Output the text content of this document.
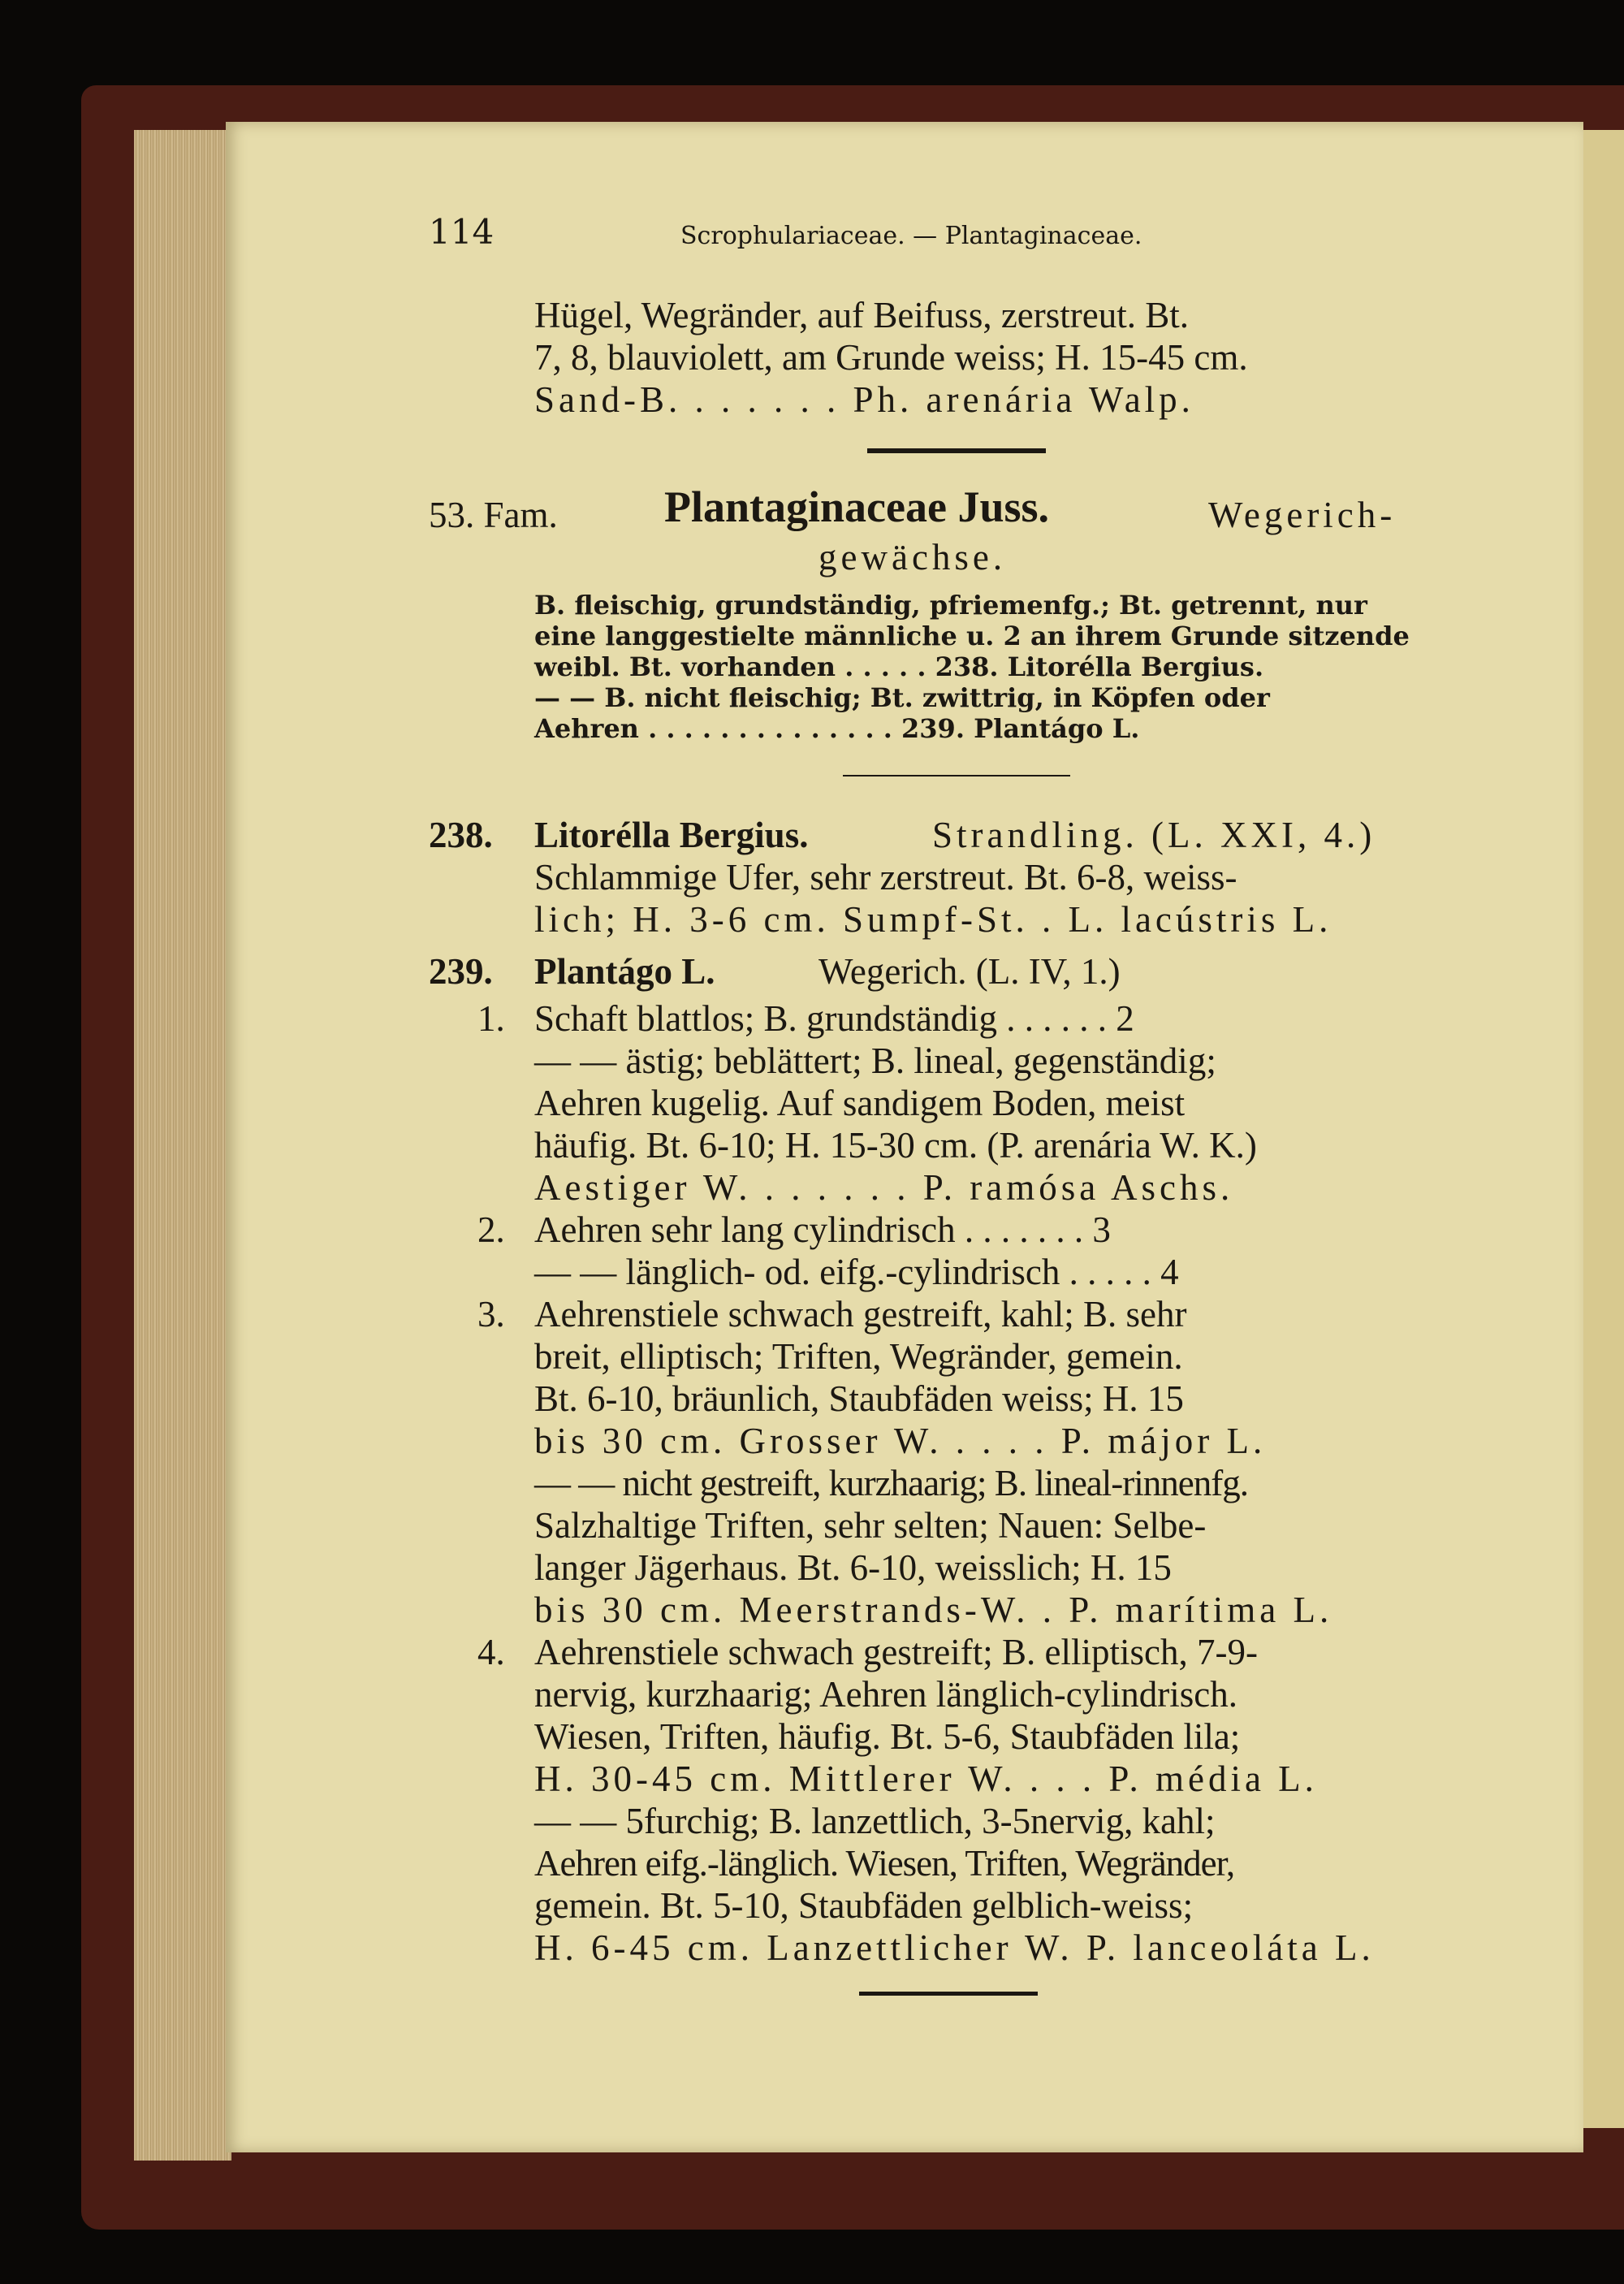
114	Scrophulariaceae. — Plantaginaceae.
Hügel, Wegränder, auf Beifuss, zerstreut. Bt.
7, 8, blauviolett, am Grunde weiss; H. 15-45 cm.
Sand-B. . . . . . . Ph. arenária Walp.
53. Fam. Plantaginaceae Juss.	Wegerich-
gewächse.
B. fleischig, grundständig, pfriemenfg.; Bt. getrennt, nur
eine langgestielte männliche u. 2 an ihrem Grunde sitzende
weibl. Bt. vorhanden . . . . . 238. Litorélla Bergius.
— — B. nicht fleischig; Bt. zwittrig, in Köpfen oder
Aehren . . . . . . . . . . . . . . 239. Plantágo L.
238. Litorélla Bergius.	Strandling. (L. XXI, 4.)
Schlammige Ufer, sehr zerstreut. Bt. 6-8, weiss-
lich; H. 3-6 cm. Sumpf-St. . L. lacústris L.
239. Plantágo L.	Wegerich. (L. IV, 1.)
1. Schaft blattlos; B. grundständig . . . . . . 2
— — ästig; beblättert; B. lineal, gegenständig;
Aehren kugelig. Auf sandigem Boden, meist
häufig. Bt. 6-10; H. 15-30 cm. (P. arenária W. K.)
Aestiger W. . . . . . . P. ramósa Aschs.
2. Aehren sehr lang cylindrisch . . . . . . . 3
— — länglich- od. eifg.-cylindrisch . . . . . 4
3. Aehrenstiele schwach gestreift, kahl; B. sehr
breit, elliptisch; Triften, Wegränder, gemein.
Bt. 6-10, bräunlich, Staubfäden weiss; H. 15
bis 30 cm. Grosser W. . . . . P. májor L.
— — nicht gestreift, kurzhaarig; B. lineal-rinnenfg.
Salzhaltige Triften, sehr selten; Nauen: Selbe-
langer Jägerhaus. Bt. 6-10, weisslich; H. 15
bis 30 cm. Meerstrands-W. . P. marítima L.
4. Aehrenstiele schwach gestreift; B. elliptisch, 7-9-
nervig, kurzhaarig; Aehren länglich-cylindrisch.
Wiesen, Triften, häufig. Bt. 5-6, Staubfäden lila;
H. 30-45 cm. Mittlerer W. . . . P. média L.
— — 5furchig; B. lanzettlich, 3-5nervig, kahl;
Aehren eifg.-länglich. Wiesen, Triften, Wegränder,
gemein. Bt. 5-10, Staubfäden gelblich-weiss;
H. 6-45 cm. Lanzettlicher W. P. lanceoláta L.
